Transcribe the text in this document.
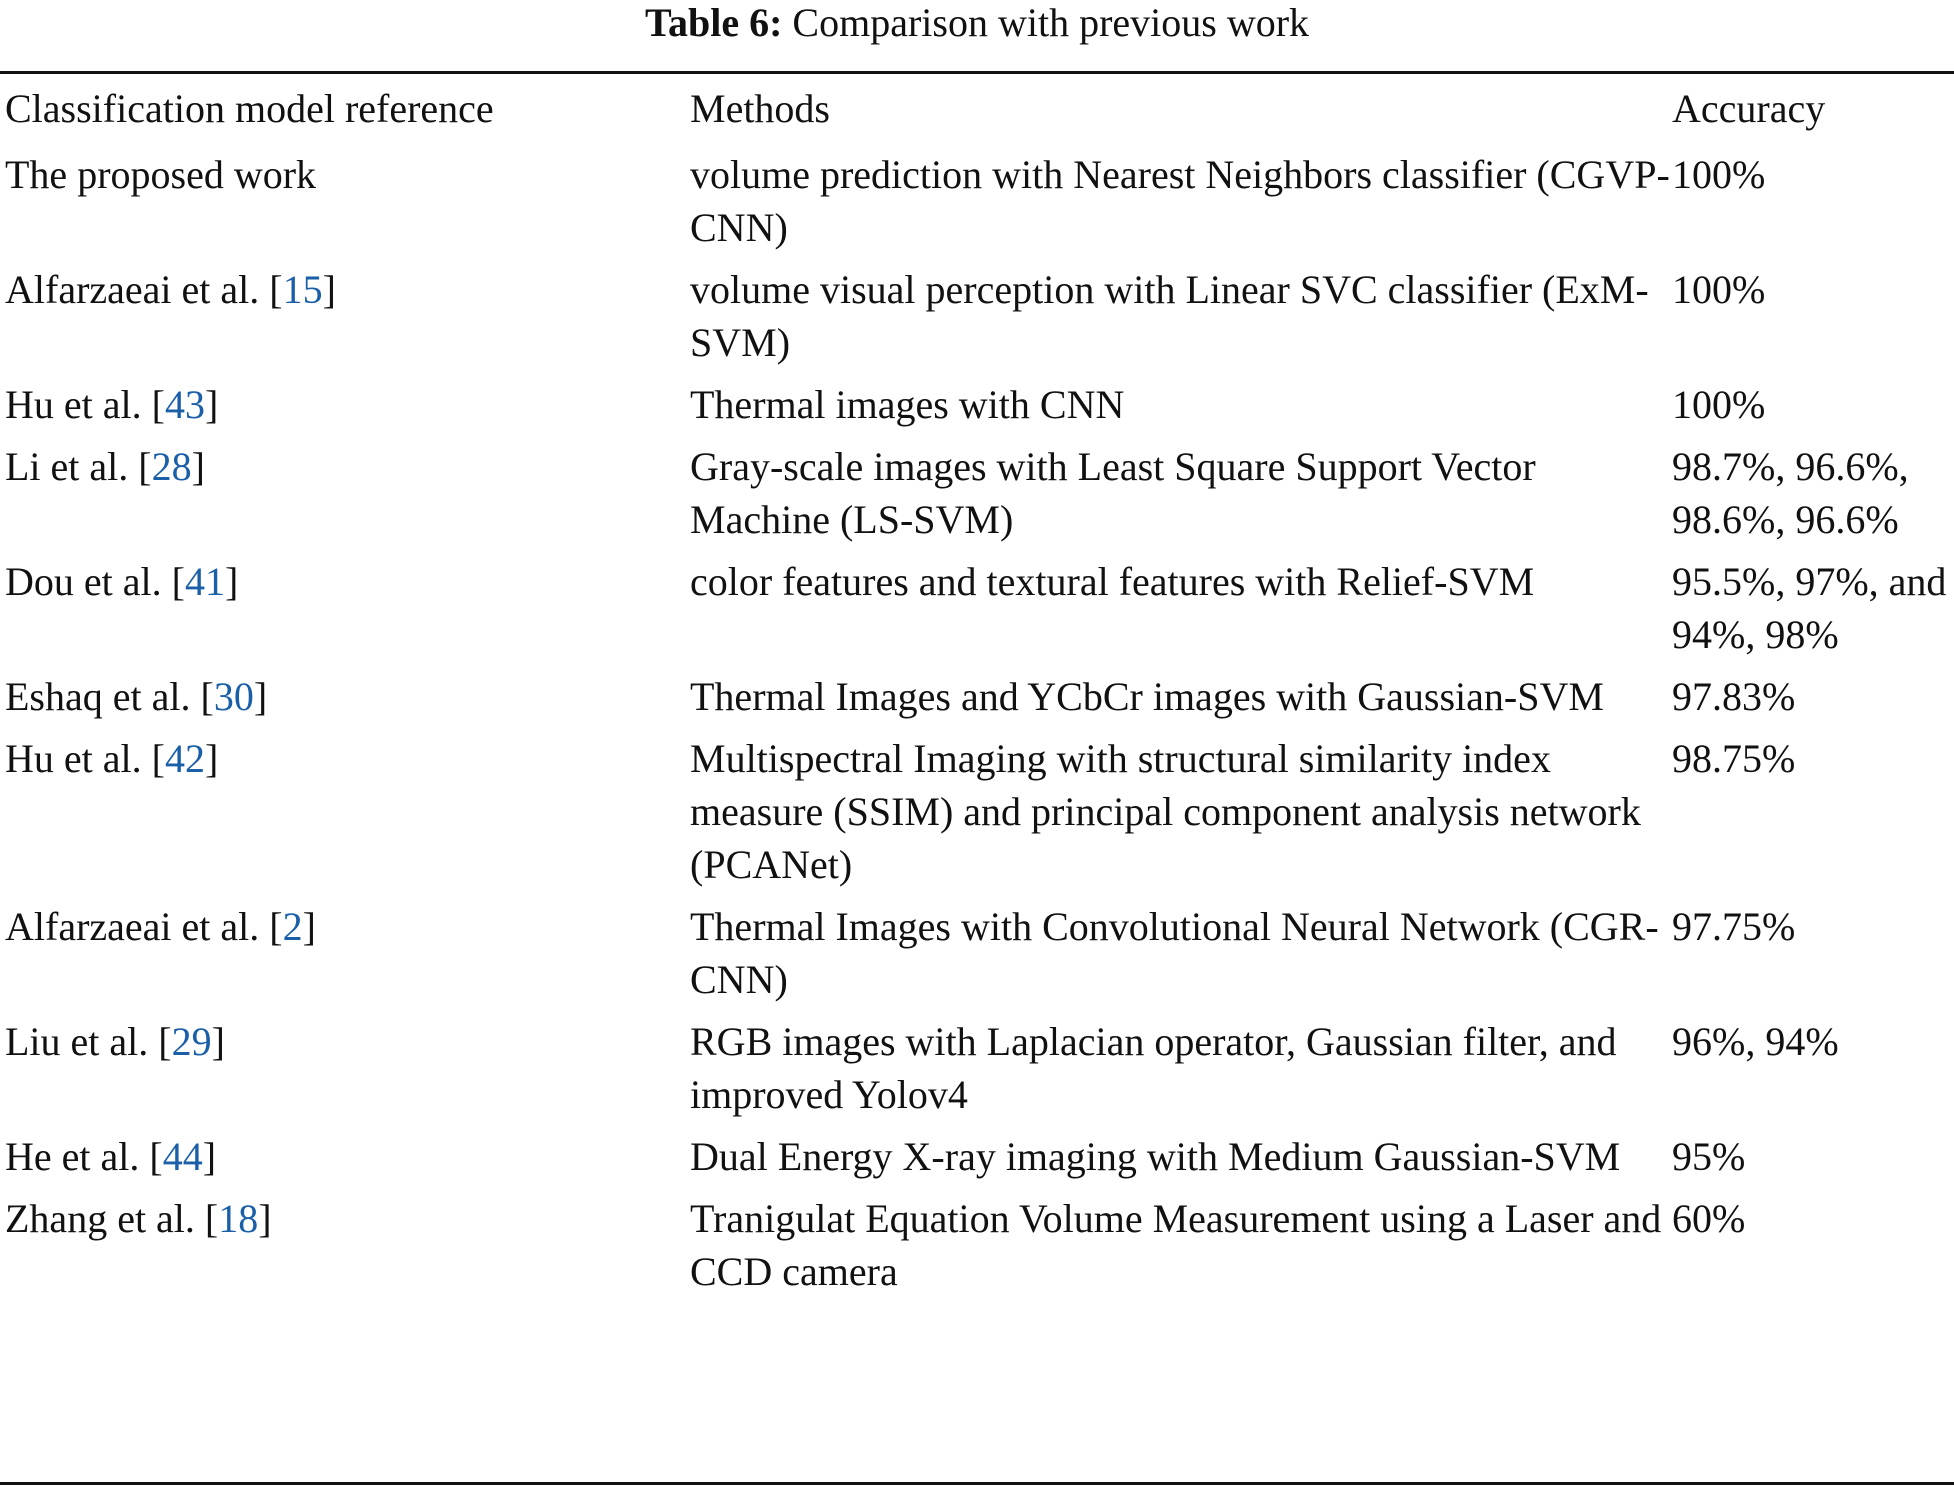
Table 6: Comparison with previous work
Classification model reference	Methods	Accuracy
The proposed work	volume prediction with Nearest Neighbors classifier (CGVP-CNN)	100%
Alfarzaeai et al. [15]	volume visual perception with Linear SVC classifier (ExM-SVM)	100%
Hu et al. [43]	Thermal images with CNN	100%
Li et al. [28]	Gray-scale images with Least Square Support Vector Machine (LS-SVM)	98.7%, 96.6%, 98.6%, 96.6%
Dou et al. [41]	color features and textural features with Relief-SVM	95.5%, 97%, and 94%, 98%
Eshaq et al. [30]	Thermal Images and YCbCr images with Gaussian-SVM	97.83%
Hu et al. [42]	Multispectral Imaging with structural similarity index measure (SSIM) and principal component analysis network (PCANet)	98.75%
Alfarzaeai et al. [2]	Thermal Images with Convolutional Neural Network (CGR-CNN)	97.75%
Liu et al. [29]	RGB images with Laplacian operator, Gaussian filter, and improved Yolov4	96%, 94%
He et al. [44]	Dual Energy X-ray imaging with Medium Gaussian-SVM	95%
Zhang et al. [18]	Tranigulat Equation Volume Measurement using a Laser and CCD camera	60%
